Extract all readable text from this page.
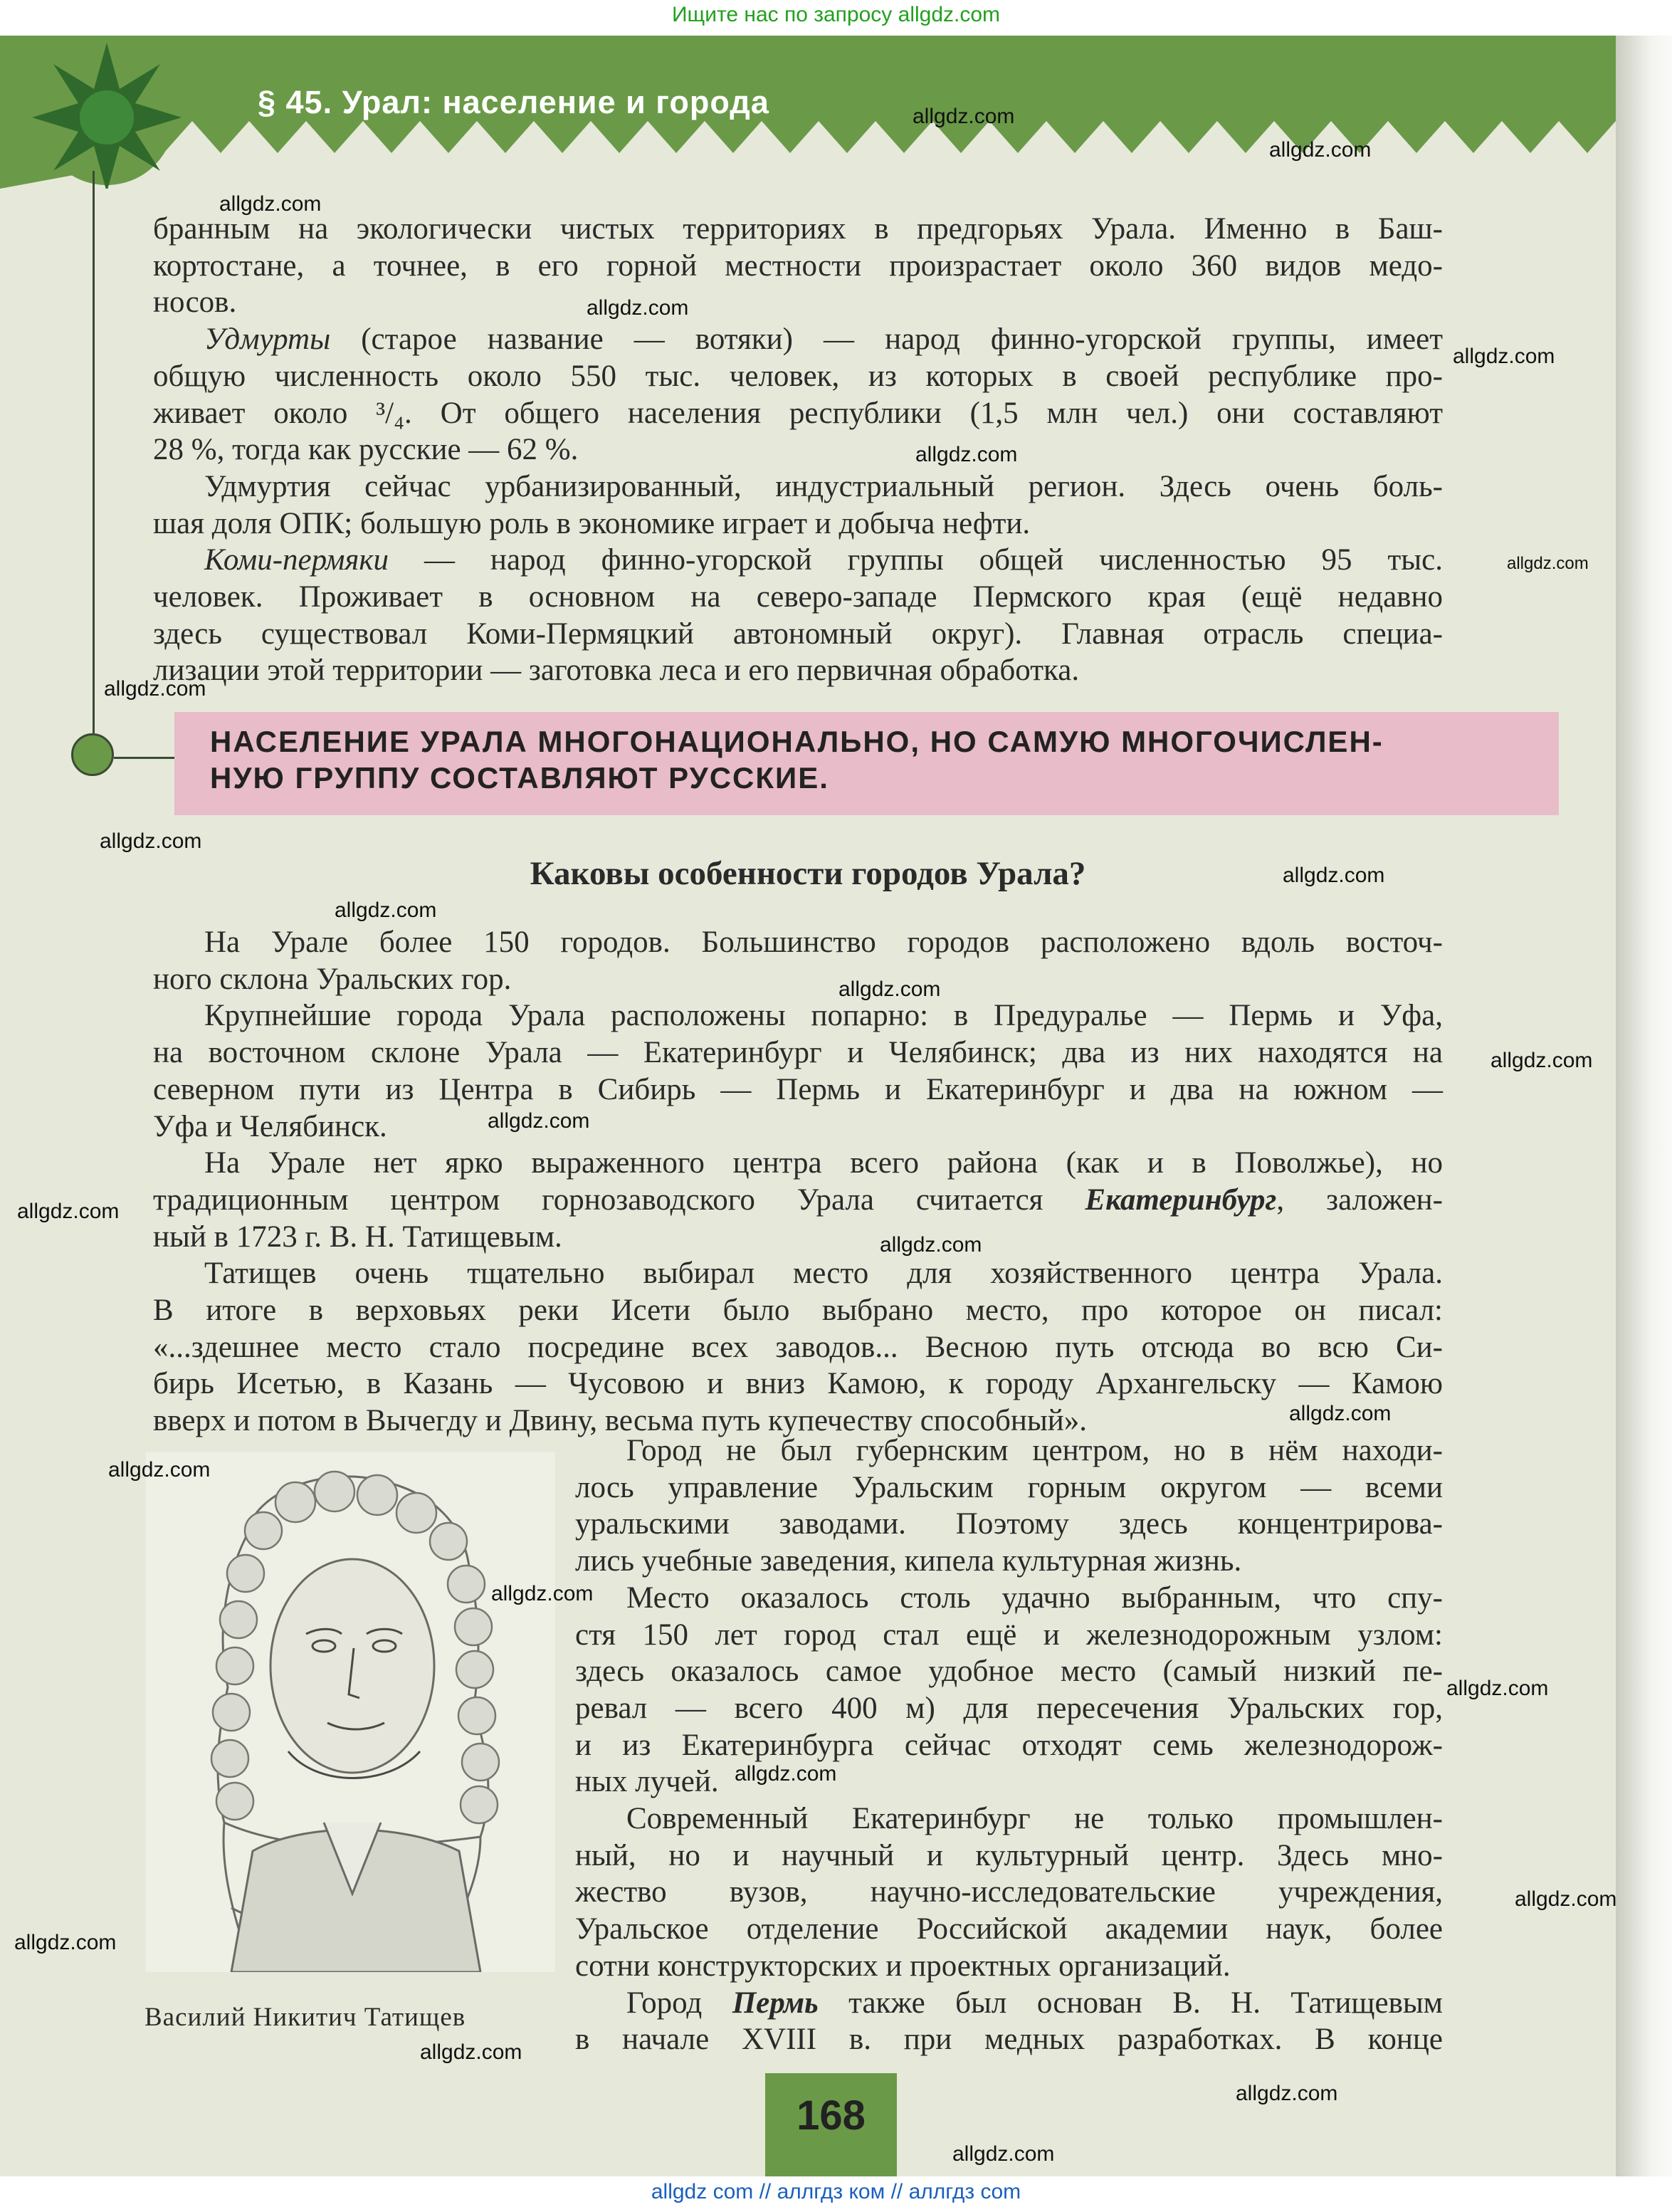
Ищите нас по запросу allgdz.com
§ 45. Урал: население и города
бранным на экологически чистых территориях в предгорьях Урала. Именно в Баш-
кортостане, а точнее, в его горной местности произрастает около 360 видов медо-
носов.
Удмурты (старое название — вотяки) — народ финно-угорской группы, имеет
общую численность около 550 тыс. человек, из которых в своей республике про-
живает около ³/₄. От общего населения республики (1,5 млн чел.) они составляют
28 %, тогда как русские — 62 %.
Удмуртия сейчас урбанизированный, индустриальный регион. Здесь очень боль-
шая доля ОПК; большую роль в экономике играет и добыча нефти.
Коми-пермяки — народ финно-угорской группы общей численностью 95 тыс.
человек. Проживает в основном на северо-западе Пермского края (ещё недавно
здесь существовал Коми-Пермяцкий автономный округ). Главная отрасль специа-
лизации этой территории — заготовка леса и его первичная обработка.
НАСЕЛЕНИЕ УРАЛА МНОГОНАЦИОНАЛЬНО, НО САМУЮ МНОГОЧИСЛЕН-
НУЮ ГРУППУ СОСТАВЛЯЮТ РУССКИЕ.
Каковы особенности городов Урала?
На Урале более 150 городов. Большинство городов расположено вдоль восточ-
ного склона Уральских гор.
Крупнейшие города Урала расположены попарно: в Предуралье — Пермь и Уфа,
на восточном склоне Урала — Екатеринбург и Челябинск; два из них находятся на
северном пути из Центра в Сибирь — Пермь и Екатеринбург и два на южном —
Уфа и Челябинск.
На Урале нет ярко выраженного центра всего района (как и в Поволжье), но
традиционным центром горнозаводского Урала считается Екатеринбург, заложен-
ный в 1723 г. В. Н. Татищевым.
Татищев очень тщательно выбирал место для хозяйственного центра Урала.
В итоге в верховьях реки Исети было выбрано место, про которое он писал:
«...здешнее место стало посредине всех заводов... Весною путь отсюда во всю Си-
бирь Исетью, в Казань — Чусовою и вниз Камою, к городу Архангельску — Камою
вверх и потом в Вычегду и Двину, весьма путь купечеству способный».
Василий Никитич Татищев
Город не был губернским центром, но в нём находи-
лось управление Уральским горным округом — всеми
уральскими заводами. Поэтому здесь концентрирова-
лись учебные заведения, кипела культурная жизнь.
Место оказалось столь удачно выбранным, что спу-
стя 150 лет город стал ещё и железнодорожным узлом:
здесь оказалось самое удобное место (самый низкий пе-
ревал — всего 400 м) для пересечения Уральских гор,
и из Екатеринбурга сейчас отходят семь железнодорож-
ных лучей.
Современный Екатеринбург не только промышлен-
ный, но и научный и культурный центр. Здесь мно-
жество вузов, научно-исследовательские учреждения,
Уральское отделение Российской академии наук, более
сотни конструкторских и проектных организаций.
Город Пермь также был основан В. Н. Татищевым
в начале XVIII в. при медных разработках. В конце
168
allgdz.com
allgdz.com
allgdz.com
allgdz.com
allgdz.com
allgdz.com
allgdz.com
allgdz.com
allgdz.com
allgdz.com
allgdz.com
allgdz.com
allgdz.com
allgdz.com
allgdz.com
allgdz.com
allgdz.com
allgdz.com
allgdz.com
allgdz.com
allgdz.com
allgdz.com
allgdz.com
allgdz.com
allgdz.com
allgdz.com
allgdz com // аллгдз ком // аллгдз com
